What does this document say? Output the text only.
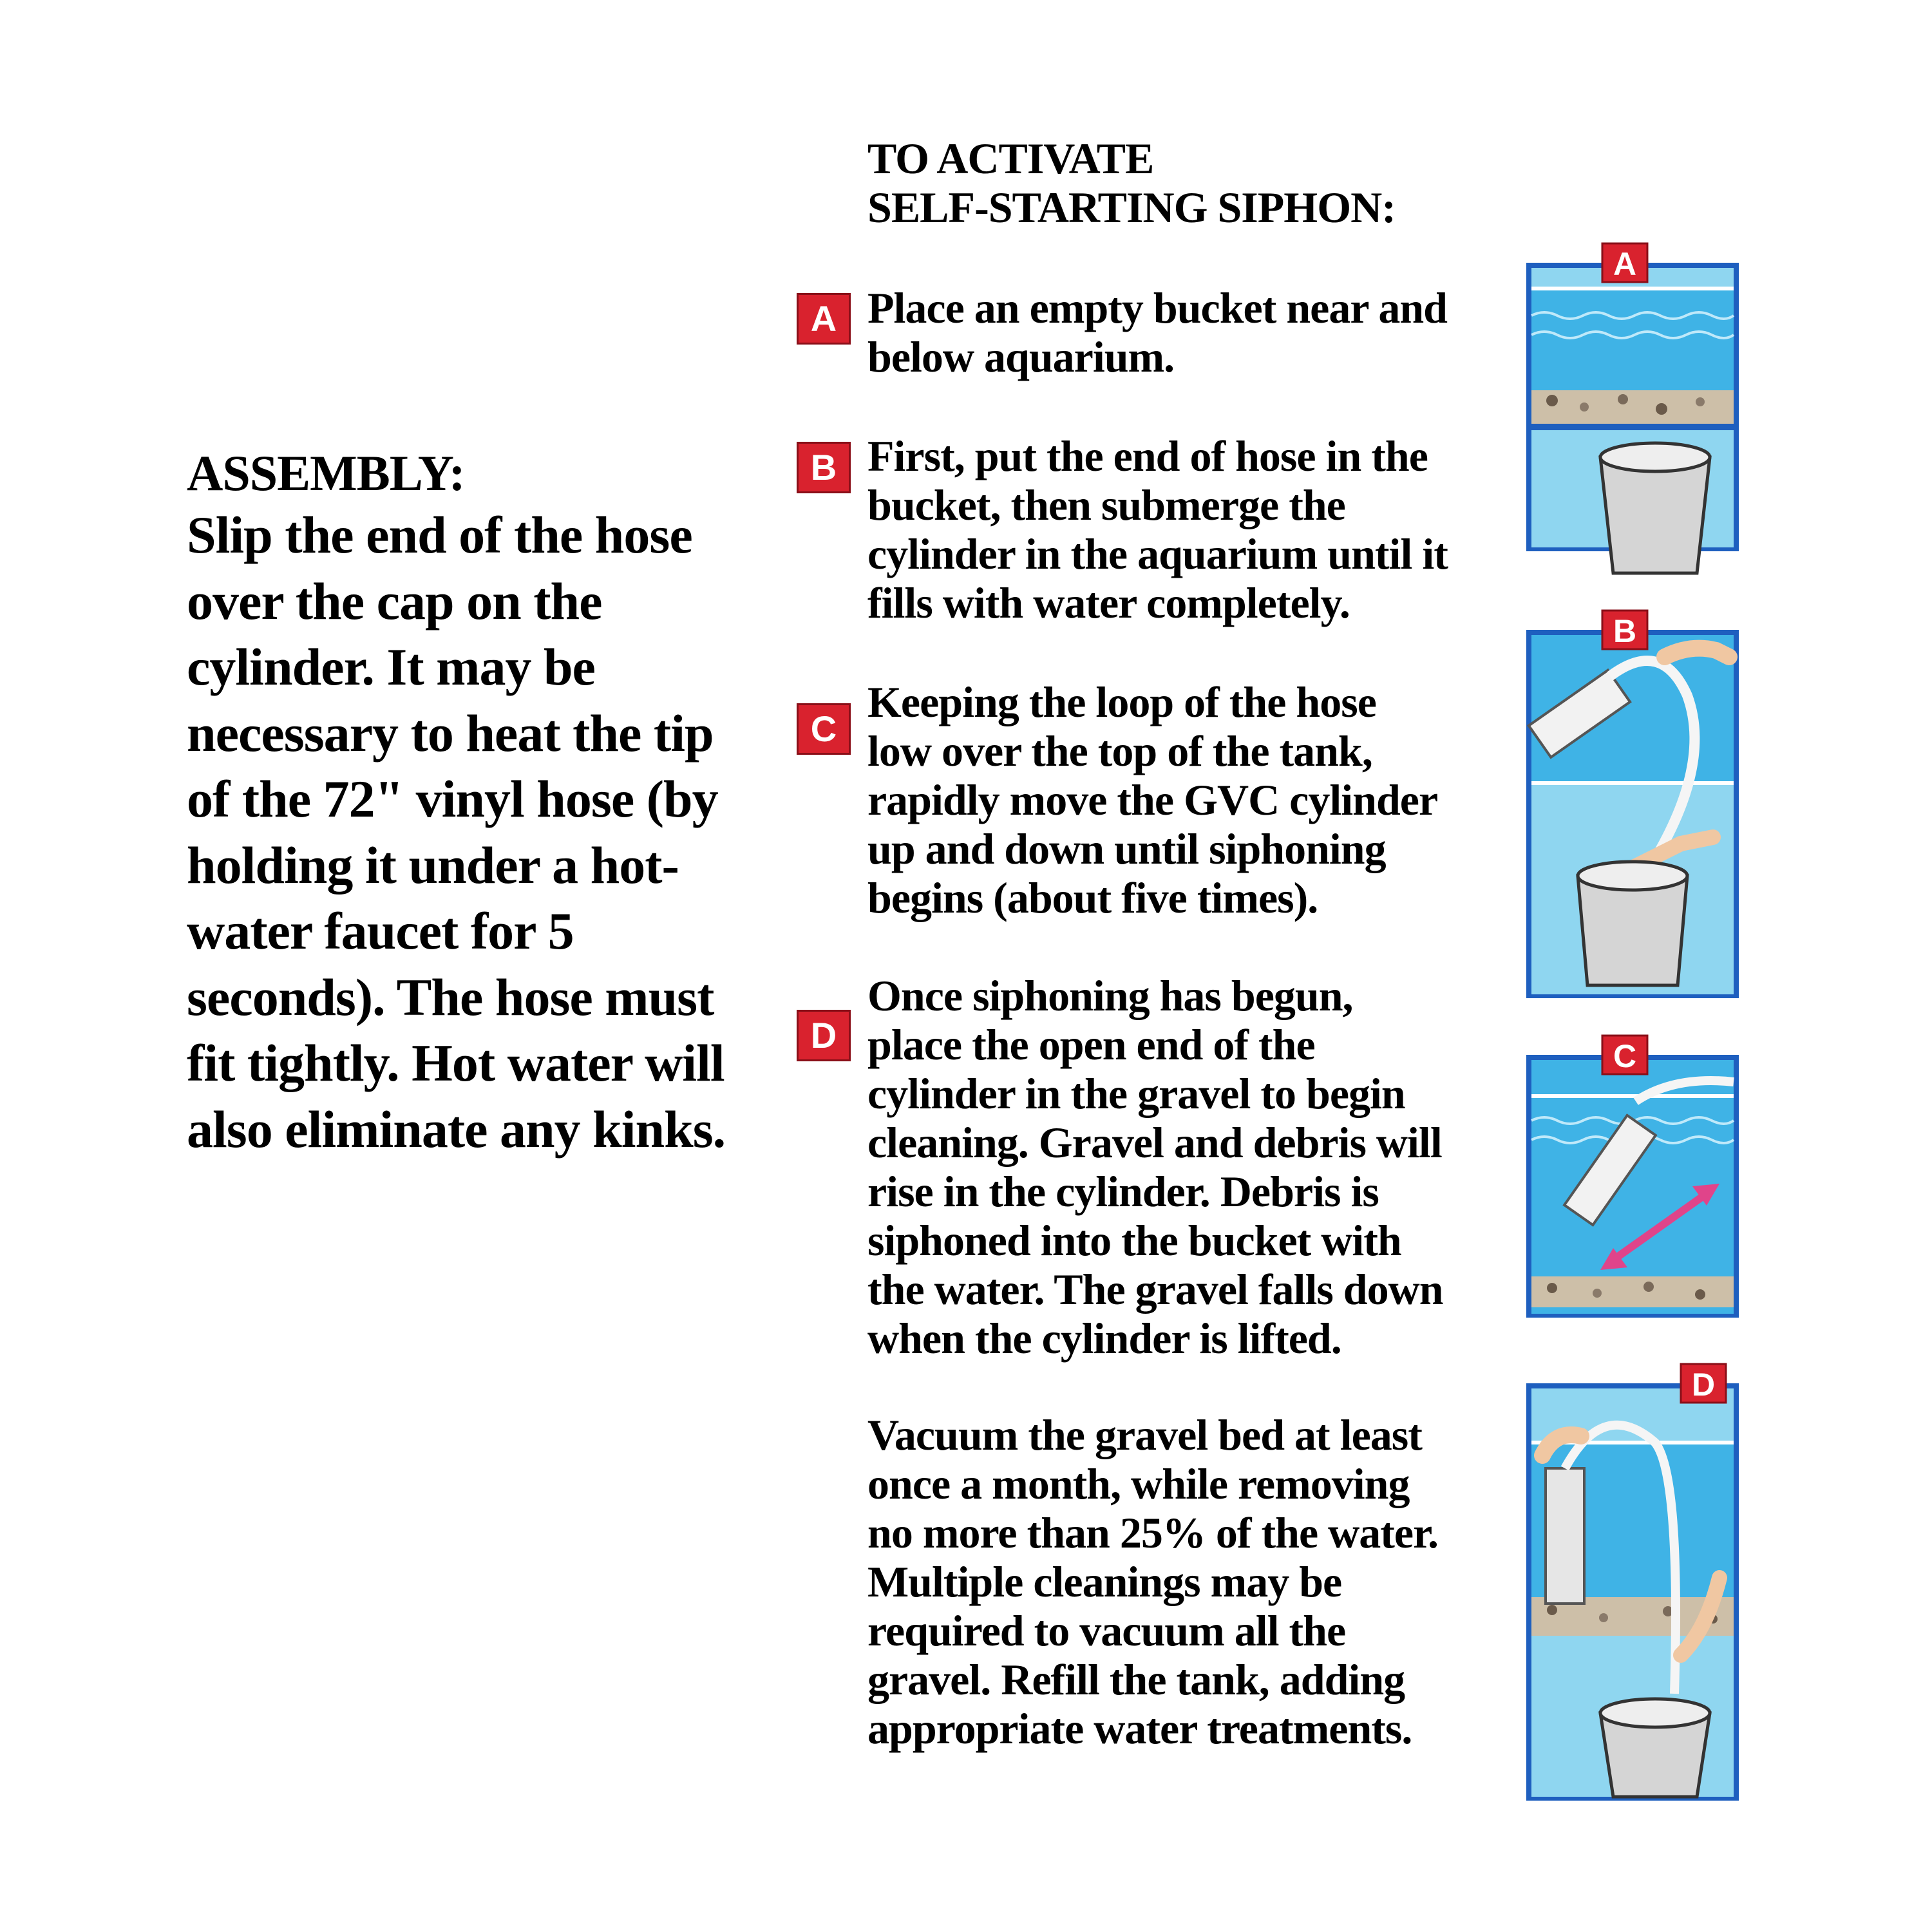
ASSEMBLY:
Slip the end of the hose over the cap on the cylinder. It may be necessary to heat the tip of the 72" vinyl hose (by holding it under a hot-water faucet for 5 seconds). The hose must fit tightly. Hot water will also eliminate any kinks.
TO ACTIVATE
SELF-STARTING SIPHON:
A Place an empty bucket near and
below aquarium.
B First, put the end of hose in the
bucket, then submerge the
cylinder in the aquarium until it
fills with water completely.
C
Keeping the loop of the hose
low over the top of the tank,
rapidly move the GVC cylinder
up and down until siphoning
begins (about five times).
D
Once siphoning has begun,
place the open end of the
cylinder in the gravel to begin
cleaning. Gravel and debris will
rise in the cylinder. Debris is
siphoned into the bucket with
the water. The gravel falls down
when the cylinder is lifted.
Vacuum the gravel bed at least
once a month, while removing
no more than 25% of the water.
Multiple cleanings may be
required to vacuum all the
gravel. Refill the tank, adding
appropriate water treatments.
A
B
C
D
